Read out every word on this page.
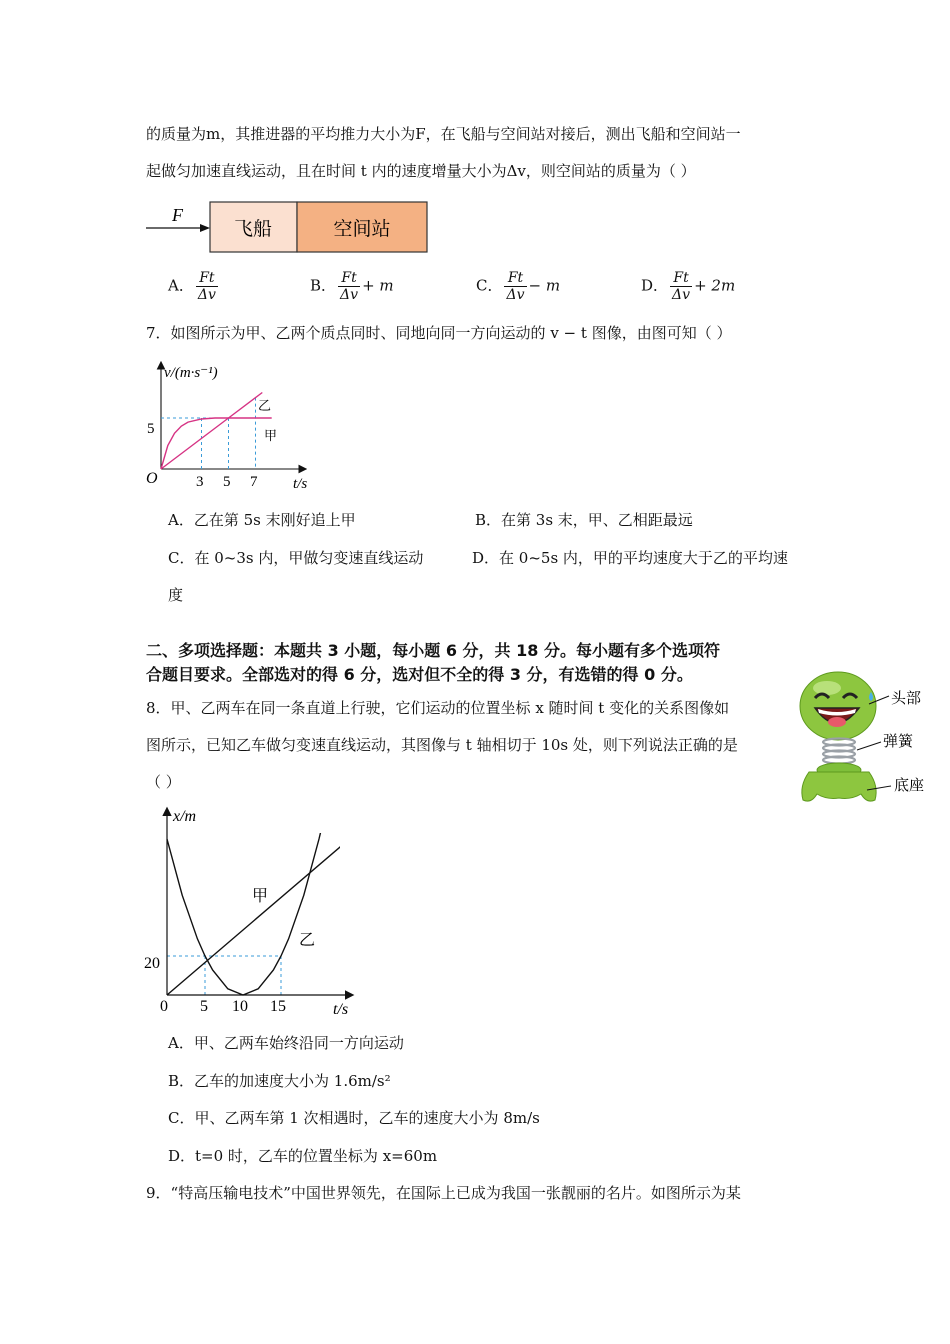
的质量为m，其推进器的平均推力大小为F，在飞船与空间站对接后，测出飞船和空间站一
起做匀加速直线运动，且在时间 t 内的速度增量大小为Δv，则空间站的质量为（ ）
F
飞船	空间站
A． $\frac{Ft}{\Delta v}$	B． $\frac{Ft}{\Delta v} + m$	C． $\frac{Ft}{\Delta v} - m$	D． $\frac{Ft}{\Delta v} + 2m$
7．如图所示为甲、乙两个质点同时、同地向同一方向运动的 v − t 图像，由图可知（ ）
v/(m·s⁻¹)
t/s
O
5
3 5 7
乙
甲
A．乙在第 5s 末刚好追上甲	B．在第 3s 末，甲、乙相距最远
C．在 0~3s 内，甲做匀变速直线运动	D．在 0~5s 内，甲的平均速度大于乙的平均速
度
二、多项选择题：本题共 3 小题，每小题 6 分，共 18 分。每小题有多个选项符
合题目要求。全部选对的得 6 分，选对但不全的得 3 分，有选错的得 0 分。
8．甲、乙两车在同一条直道上行驶，它们运动的位置坐标 x 随时间 t 变化的关系图像如
图所示，已知乙车做匀变速直线运动，其图像与 t 轴相切于 10s 处，则下列说法正确的是
（ ）
头部
弹簧
底座
x/m
t/s
0
20
5 10 15
甲
乙
A．甲、乙两车始终沿同一方向运动
B．乙车的加速度大小为 1.6m/s²
C．甲、乙两车第 1 次相遇时，乙车的速度大小为 8m/s
D．t=0 时，乙车的位置坐标为 x=60m
9．“特高压输电技术”中国世界领先，在国际上已成为我国一张靓丽的名片。如图所示为某
